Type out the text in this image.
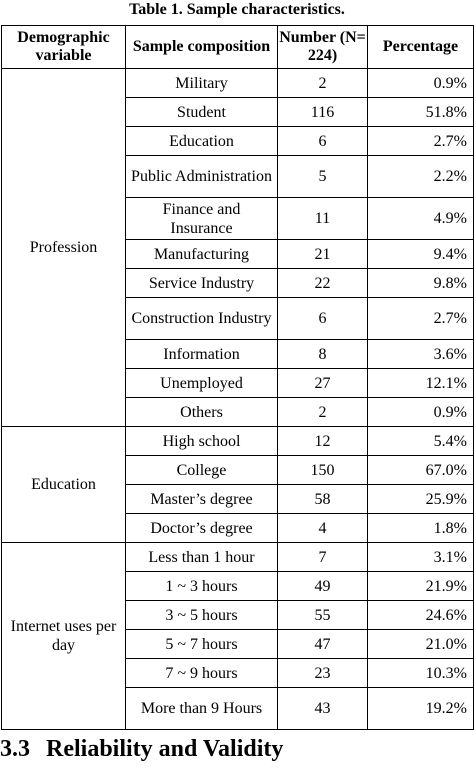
Table 1. Sample characteristics.
Demographic variable	Sample composition	Number (N= 224)	Percentage
Profession	Military	2	0.9%
	Student	116	51.8%
	Education	6	2.7%
	Public Administration	5	2.2%
	Finance and Insurance	11	4.9%
	Manufacturing	21	9.4%
	Service Industry	22	9.8%
	Construction Industry	6	2.7%
	Information	8	3.6%
	Unemployed	27	12.1%
	Others	2	0.9%
Education	High school	12	5.4%
	College	150	67.0%
	Master’s degree	58	25.9%
	Doctor’s degree	4	1.8%
Internet uses per day	Less than 1 hour	7	3.1%
	1 ~ 3 hours	49	21.9%
	3 ~ 5 hours	55	24.6%
	5 ~ 7 hours	47	21.0%
	7 ~ 9 hours	23	10.3%
	More than 9 Hours	43	19.2%
3.3 Reliability and Validity
